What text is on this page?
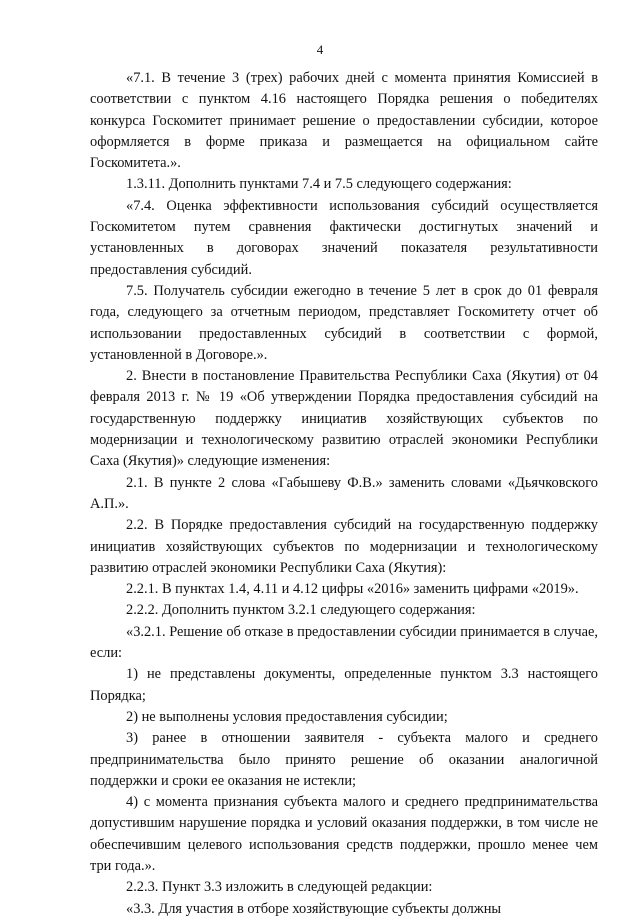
4

«7.1. В течение 3 (трех) рабочих дней с момента принятия Комиссией в соответствии с пунктом 4.16 настоящего Порядка решения о победителях конкурса Госкомитет принимает решение о предоставлении субсидии, которое оформляется в форме приказа и размещается на официальном сайте Госкомитета.».

1.3.11. Дополнить пунктами 7.4 и 7.5 следующего содержания:

«7.4. Оценка эффективности использования субсидий осуществляется Госкомитетом путем сравнения фактически достигнутых значений и установленных в договорах значений показателя результативности предоставления субсидий.

7.5. Получатель субсидии ежегодно в течение 5 лет в срок до 01 февраля года, следующего за отчетным периодом, представляет Госкомитету отчет об использовании предоставленных субсидий в соответствии с формой, установленной в Договоре.».

2. Внести в постановление Правительства Республики Саха (Якутия) от 04 февраля 2013 г. № 19 «Об утверждении Порядка предоставления субсидий на государственную поддержку инициатив хозяйствующих субъектов по модернизации и технологическому развитию отраслей экономики Республики Саха (Якутия)» следующие изменения:

2.1. В пункте 2 слова «Габышеву Ф.В.» заменить словами «Дьячковского А.П.».

2.2. В Порядке предоставления субсидий на государственную поддержку инициатив хозяйствующих субъектов по модернизации и технологическому развитию отраслей экономики Республики Саха (Якутия):

2.2.1. В пунктах 1.4, 4.11 и 4.12 цифры «2016» заменить цифрами «2019».

2.2.2. Дополнить пунктом 3.2.1 следующего содержания:

«3.2.1. Решение об отказе в предоставлении субсидии принимается в случае, если:

1) не представлены документы, определенные пунктом 3.3 настоящего Порядка;

2) не выполнены условия предоставления субсидии;

3) ранее в отношении заявителя - субъекта малого и среднего предпринимательства было принято решение об оказании аналогичной поддержки и сроки ее оказания не истекли;

4) с момента признания субъекта малого и среднего предпринимательства допустившим нарушение порядка и условий оказания поддержки, в том числе не обеспечившим целевого использования средств поддержки, прошло менее чем три года.».

2.2.3. Пункт 3.3 изложить в следующей редакции:

«3.3. Для участия в отборе хозяйствующие субъекты должны
